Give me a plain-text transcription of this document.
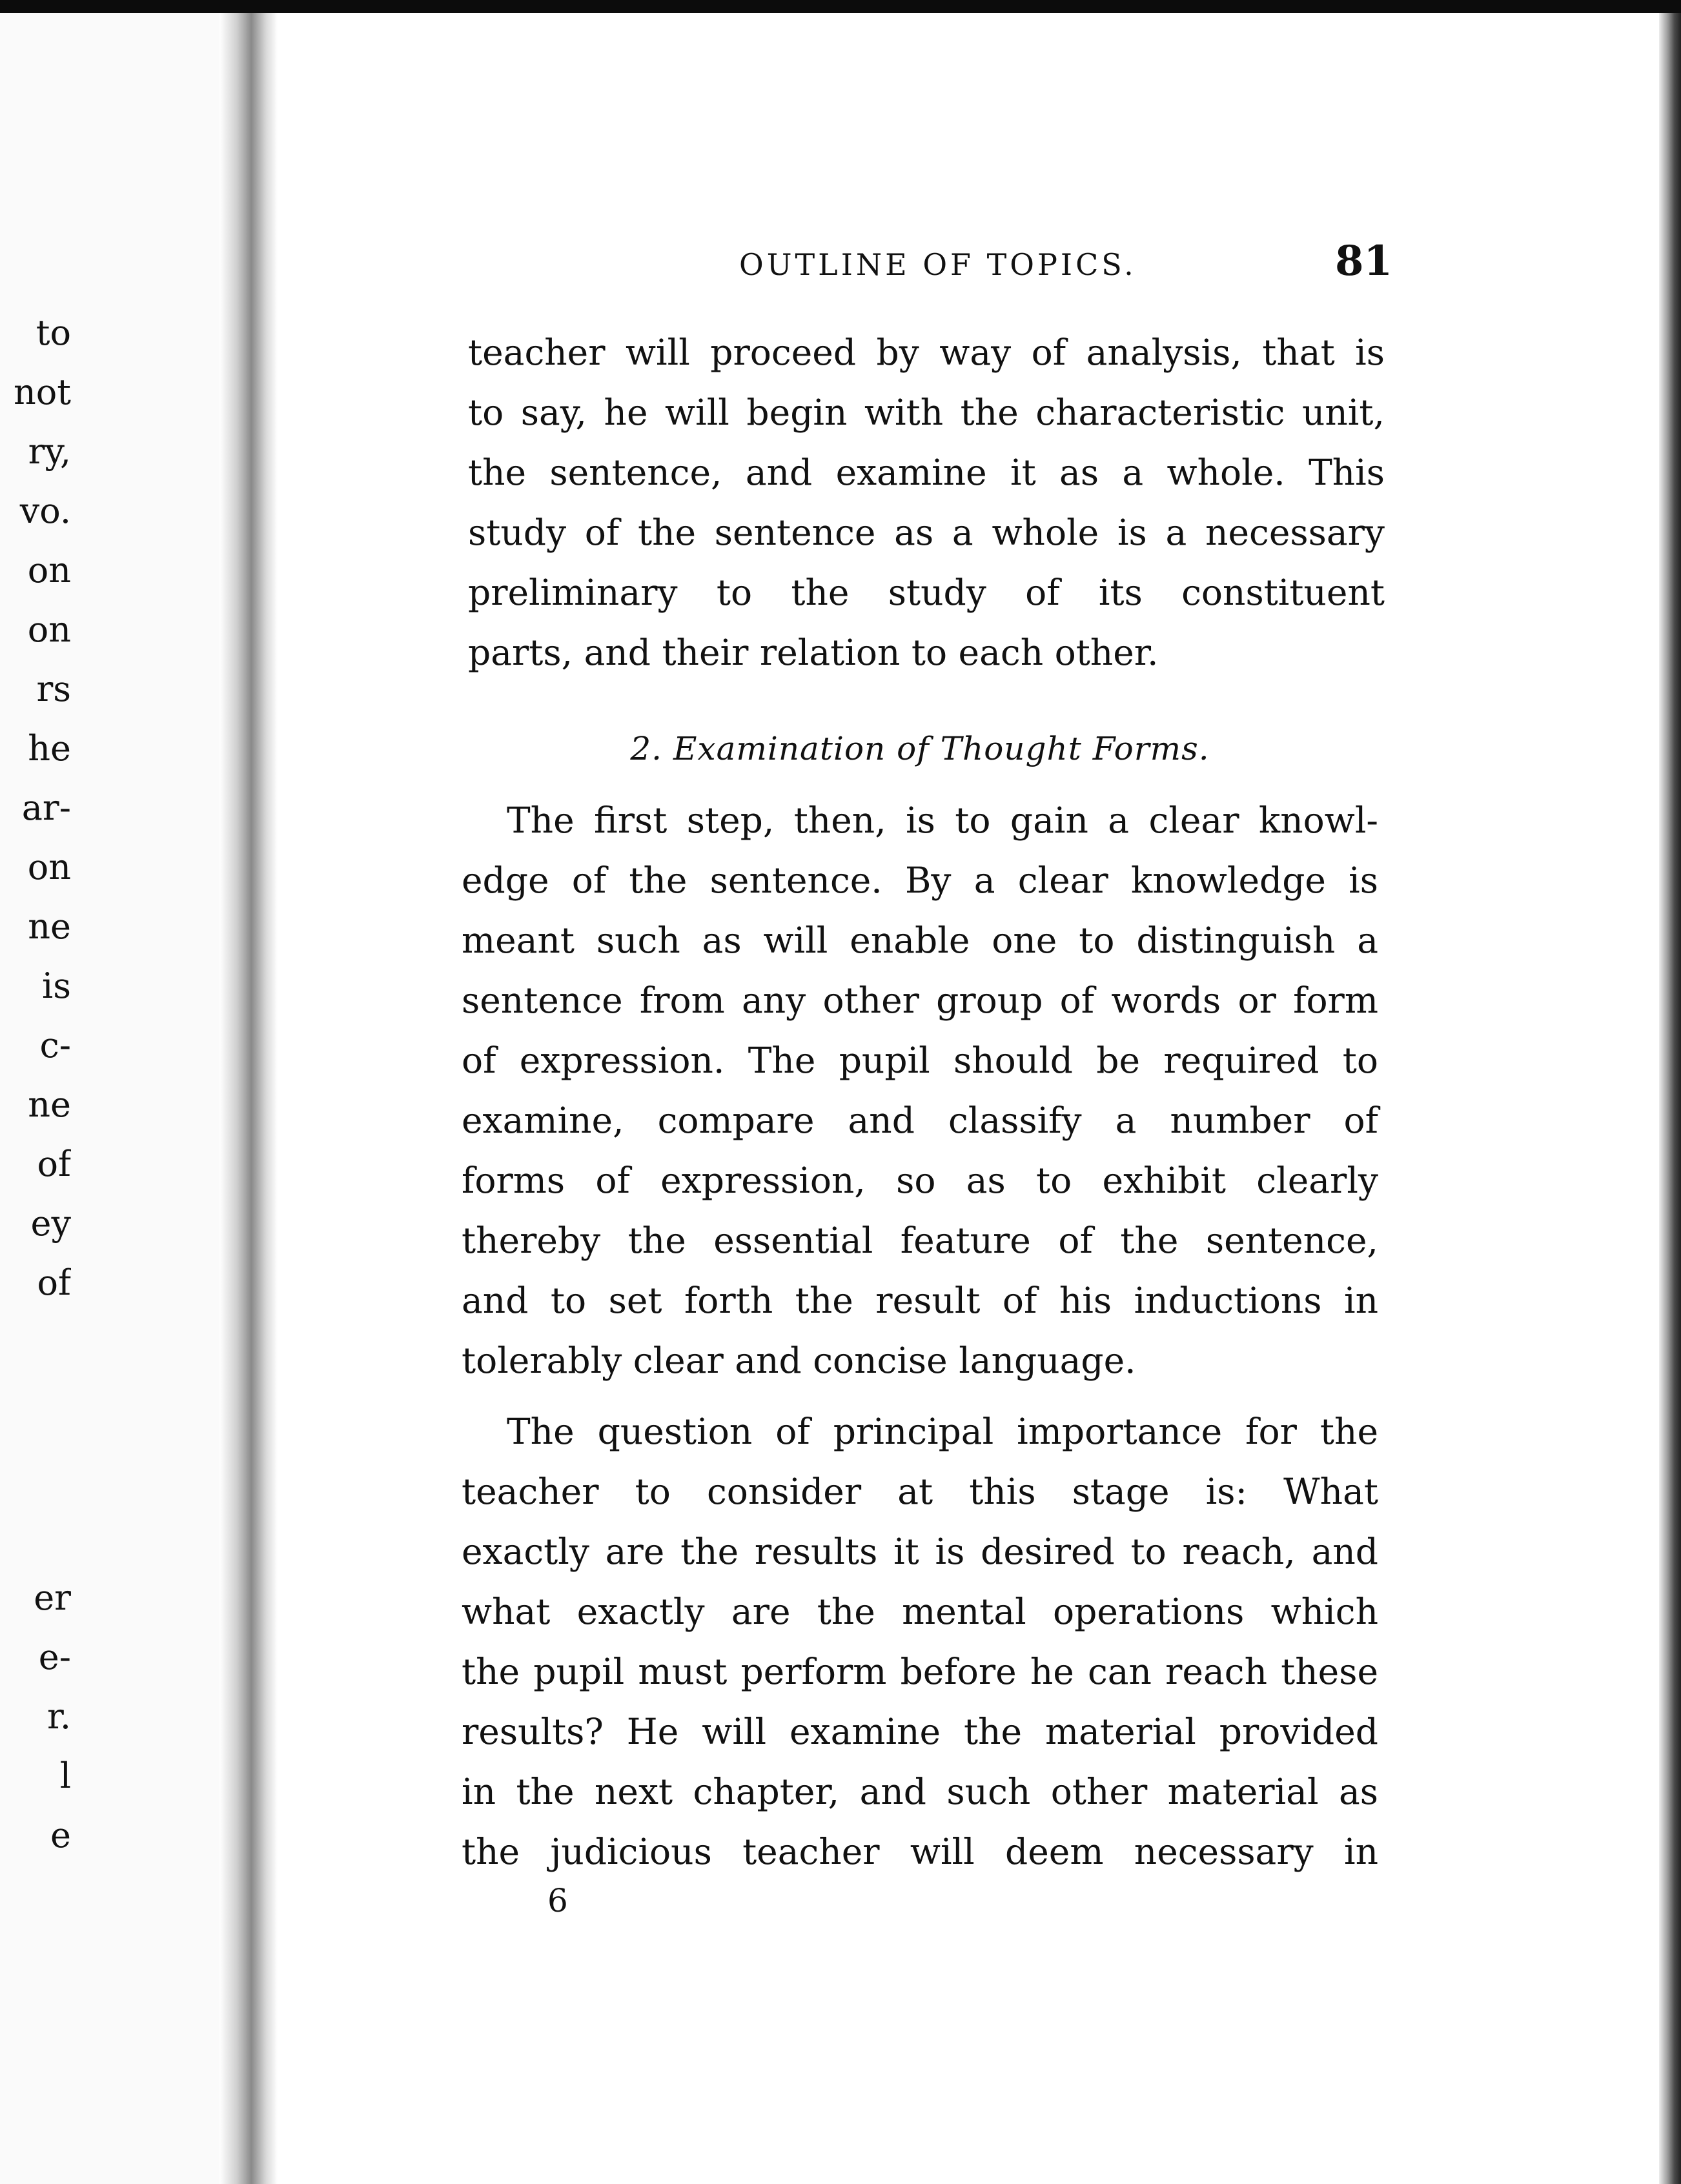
to
not
ry,
vo.
on
on
rs
he
ar-
on
ne
is
c-
ne
of
ey
of
er
e-
r.
l
e
OUTLINE OF TOPICS.	81
teacher will proceed by way of analysis, that is
to say, he will begin with the characteristic unit,
the sentence, and examine it as a whole. This
study of the sentence as a whole is a necessary
preliminary to the study of its constituent
parts, and their relation to each other.
2. Examination of Thought Forms.
The first step, then, is to gain a clear knowl-
edge of the sentence. By a clear knowledge is
meant such as will enable one to distinguish a
sentence from any other group of words or form
of expression. The pupil should be required to
examine, compare and classify a number of
forms of expression, so as to exhibit clearly
thereby the essential feature of the sentence,
and to set forth the result of his inductions in
tolerably clear and concise language.
The question of principal importance for the
teacher to consider at this stage is: What
exactly are the results it is desired to reach, and
what exactly are the mental operations which
the pupil must perform before he can reach these
results? He will examine the material provided
in the next chapter, and such other material as
the judicious teacher will deem necessary in
6
